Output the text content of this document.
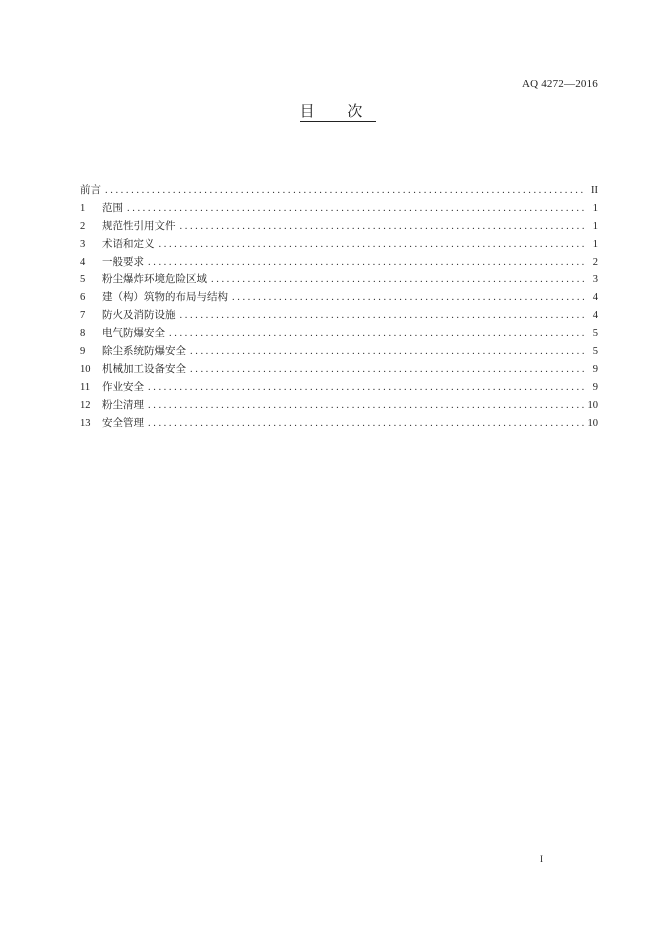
AQ 4272—2016
目 次
前言 .....	II
1	范围 .....	1
2	规范性引用文件 .....	1
3	术语和定义 .....	1
4	一般要求 .....	2
5	粉尘爆炸环境危险区域 .....	3
6	建（构）筑物的布局与结构 .....	4
7	防火及消防设施 .....	4
8	电气防爆安全 .....	5
9	除尘系统防爆安全 .....	5
10	机械加工设备安全 .....	9
11	作业安全 .....	9
12	粉尘清理 .....	10
13	安全管理 .....	10
I
